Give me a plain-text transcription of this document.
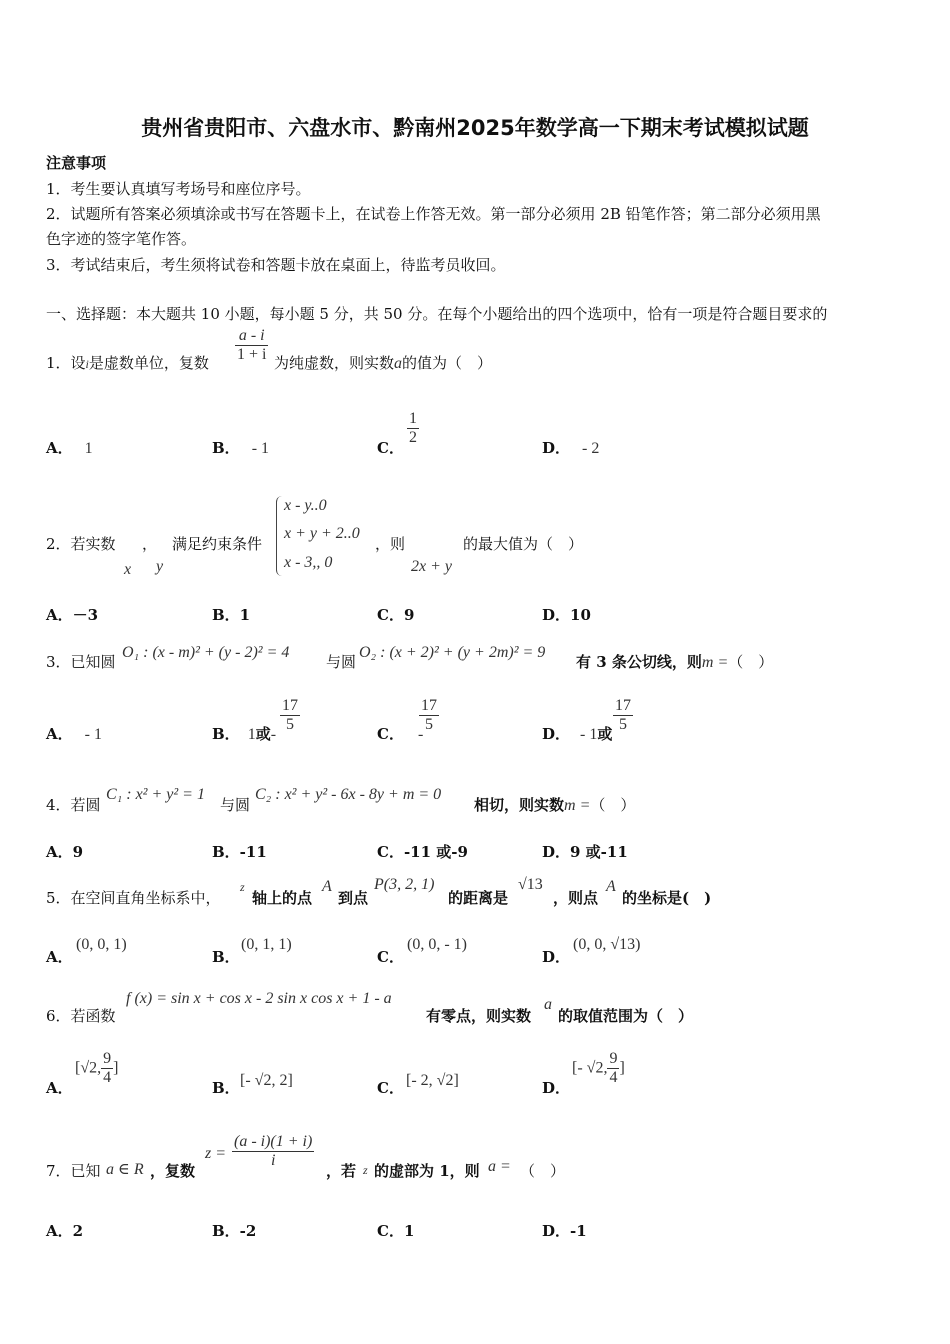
贵州省贵阳市、六盘水市、黔南州2025年数学高一下期末考试模拟试题
注意事项
1．考生要认真填写考场号和座位序号。
2．试题所有答案必须填涂或书写在答题卡上，在试卷上作答无效。第一部分必须用 2B 铅笔作答；第二部分必须用黑
色字迹的签字笔作答。
3．考试结束后，考生须将试卷和答题卡放在桌面上，待监考员收回。
一、选择题：本大题共 10 小题，每小题 5 分，共 50 分。在每个小题给出的四个选项中，恰有一项是符合题目要求的
1．设i是虚数单位，复数 $\frac{a - i}{1 + i}$ 为纯虚数，则实数a的值为（　）
A． 1	B． - 1	C．
$\frac{1}{2}$
D． - 2
2．若实数 ， 满足约束条件
x y
x - y..0
x + y + 2..0
x - 3,, 0
，则
2x + y
的最大值为（　）
A．－3	B．1	C．9	D．10
3．已知圆
O₁ : (x - m)² + (y - 2)² = 4
与圆
O₂ : (x + 2)² + (y + 2m)² = 9
有 3 条公切线，则m =（　）
A． - 1	B． 1或- $\frac{17}{5}$	C． -
$\frac{17}{5}$	D． - 1或 $\frac{17}{5}$
4．若圆
C₁ : x² + y² = 1
与圆
C₂ : x² + y² - 6x - 8y + m = 0
相切，则实数m =（　）
A．9	B．-11	C．-11 或-9	D．9 或-11
5．在空间直角坐标系中，
z
轴上的点
A
到点
P(3, 2, 1)
的距离是
√13
，则点
A
的坐标是(　)
A．
(0, 0, 1)
B．
(0, 1, 1)
C．
(0, 0, - 1)
D．
(0, 0, √13)
6．若函数
f (x) = sin x + cos x - 2 sin x cos x + 1 - a
有零点，则实数
a
的取值范围为（　）
A．
[√2, $\frac{9}{4}$ ]
B． [- √2, 2]	C． [- 2, √2]	D．
[- √2, $\frac{9}{4}$ ]
7．已知 a ∈ R ，复数
$z = \frac{(a - i)(1 + i)}{i}$
，若 z 的虚部为 1，则 a = （　）
A．2	B．-2	C．1	D．-1
